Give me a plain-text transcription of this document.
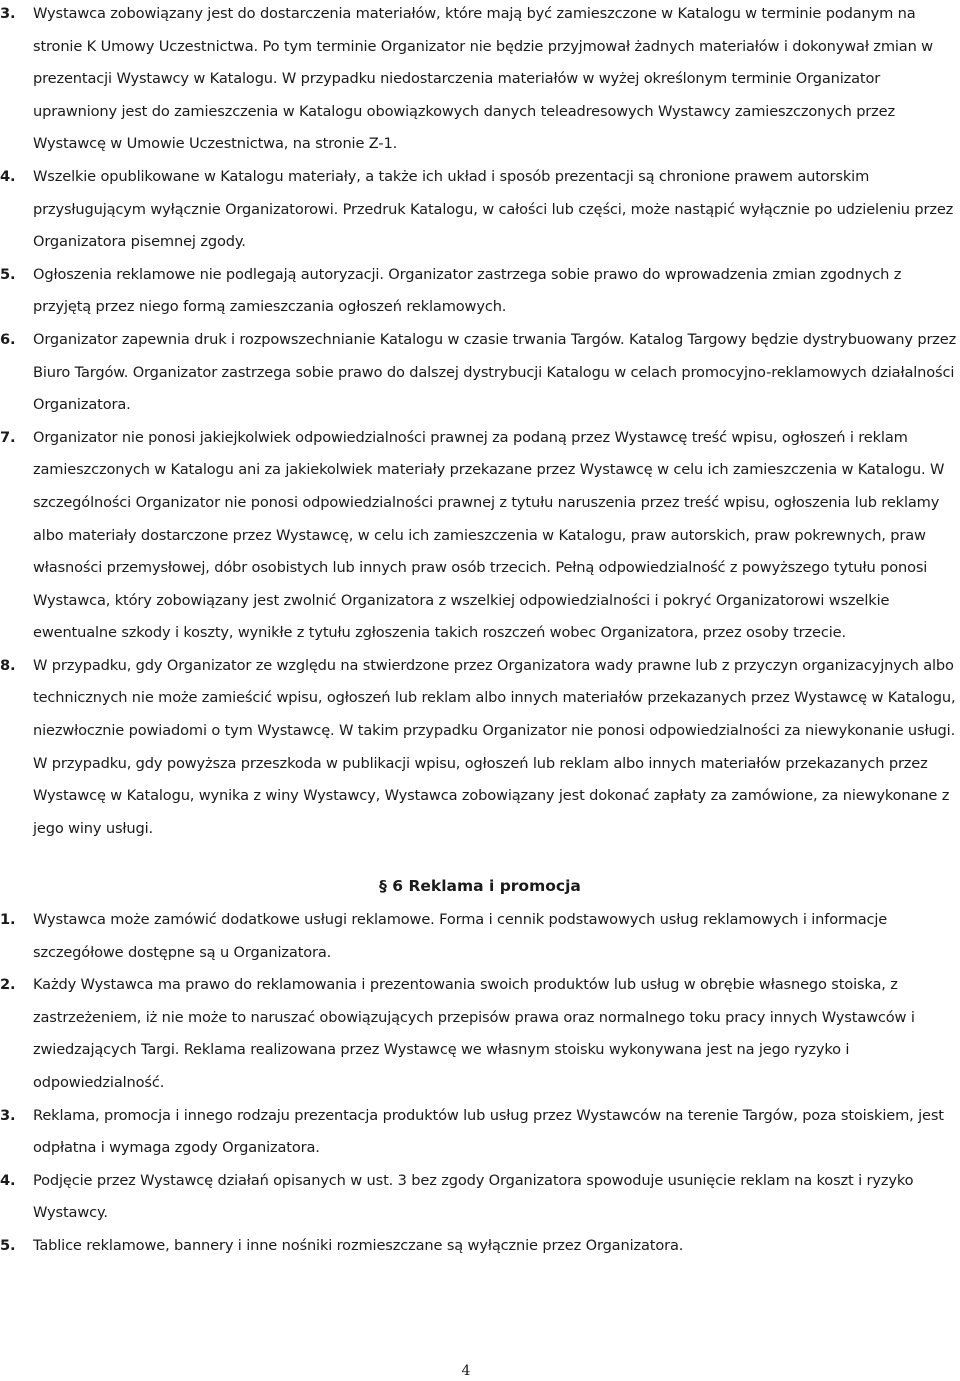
3. Wystawca zobowiązany jest do dostarczenia materiałów, które mają być zamieszczone w Katalogu w terminie podanym na stronie K Umowy Uczestnictwa. Po tym terminie Organizator nie będzie przyjmował żadnych materiałów i dokonywał zmian w prezentacji Wystawcy w Katalogu. W przypadku niedostarczenia materiałów w wyżej określonym terminie Organizator uprawniony jest do zamieszczenia w Katalogu obowiązkowych danych teleadresowych Wystawcy zamieszczonych przez Wystawcę w Umowie Uczestnictwa, na stronie Z-1.
4. Wszelkie opublikowane w Katalogu materiały, a także ich układ i sposób prezentacji są chronione prawem autorskim przysługującym wyłącznie Organizatorowi. Przedruk Katalogu, w całości lub części, może nastąpić wyłącznie po udzieleniu przez Organizatora pisemnej zgody.
5. Ogłoszenia reklamowe nie podlegają autoryzacji. Organizator zastrzega sobie prawo do wprowadzenia zmian zgodnych z przyjętą przez niego formą zamieszczania ogłoszeń reklamowych.
6. Organizator zapewnia druk i rozpowszechnianie Katalogu w czasie trwania Targów. Katalog Targowy będzie dystrybuowany przez Biuro Targów. Organizator zastrzega sobie prawo do dalszej dystrybucji Katalogu w celach promocyjno-reklamowych działalności Organizatora.
7. Organizator nie ponosi jakiejkolwiek odpowiedzialności prawnej za podaną przez Wystawcę treść wpisu, ogłoszeń i reklam zamieszczonych w Katalogu ani za jakiekolwiek materiały przekazane przez Wystawcę w celu ich zamieszczenia w Katalogu. W szczególności Organizator nie ponosi odpowiedzialności prawnej z tytułu naruszenia przez treść wpisu, ogłoszenia lub reklamy albo materiały dostarczone przez Wystawcę, w celu ich zamieszczenia w Katalogu, praw autorskich, praw pokrewnych, praw własności przemysłowej, dóbr osobistych lub innych praw osób trzecich. Pełną odpowiedzialność z powyższego tytułu ponosi Wystawca, który zobowiązany jest zwolnić Organizatora z wszelkiej odpowiedzialności i pokryć Organizatorowi wszelkie ewentualne szkody i koszty, wynikłe z tytułu zgłoszenia takich roszczeń wobec Organizatora, przez osoby trzecie.
8. W przypadku, gdy Organizator ze względu na stwierdzone przez Organizatora wady prawne lub z przyczyn organizacyjnych albo technicznych nie może zamieścić wpisu, ogłoszeń lub reklam albo innych materiałów przekazanych przez Wystawcę w Katalogu, niezwłocznie powiadomi o tym Wystawcę. W takim przypadku Organizator nie ponosi odpowiedzialności za niewykonanie usługi. W przypadku, gdy powyższa przeszkoda w publikacji wpisu, ogłoszeń lub reklam albo innych materiałów przekazanych przez Wystawcę w Katalogu, wynika z winy Wystawcy, Wystawca zobowiązany jest dokonać zapłaty za zamówione, za niewykonane z jego winy usługi.
§ 6 Reklama i promocja
1. Wystawca może zamówić dodatkowe usługi reklamowe. Forma i cennik podstawowych usług reklamowych i informacje szczegółowe dostępne są u Organizatora.
2. Każdy Wystawca ma prawo do reklamowania i prezentowania swoich produktów lub usług w obrębie własnego stoiska, z zastrzeżeniem, iż nie może to naruszać obowiązujących przepisów prawa oraz normalnego toku pracy innych Wystawców i zwiedzających Targi. Reklama realizowana przez Wystawcę we własnym stoisku wykonywana jest na jego ryzyko i odpowiedzialność.
3. Reklama, promocja i innego rodzaju prezentacja produktów lub usług przez Wystawców na terenie Targów, poza stoiskiem, jest odpłatna i wymaga zgody Organizatora.
4. Podjęcie przez Wystawcę działań opisanych w ust. 3 bez zgody Organizatora spowoduje usunięcie reklam na koszt i ryzyko Wystawcy.
5. Tablice reklamowe, bannery i inne nośniki rozmieszczane są wyłącznie przez Organizatora.
4
